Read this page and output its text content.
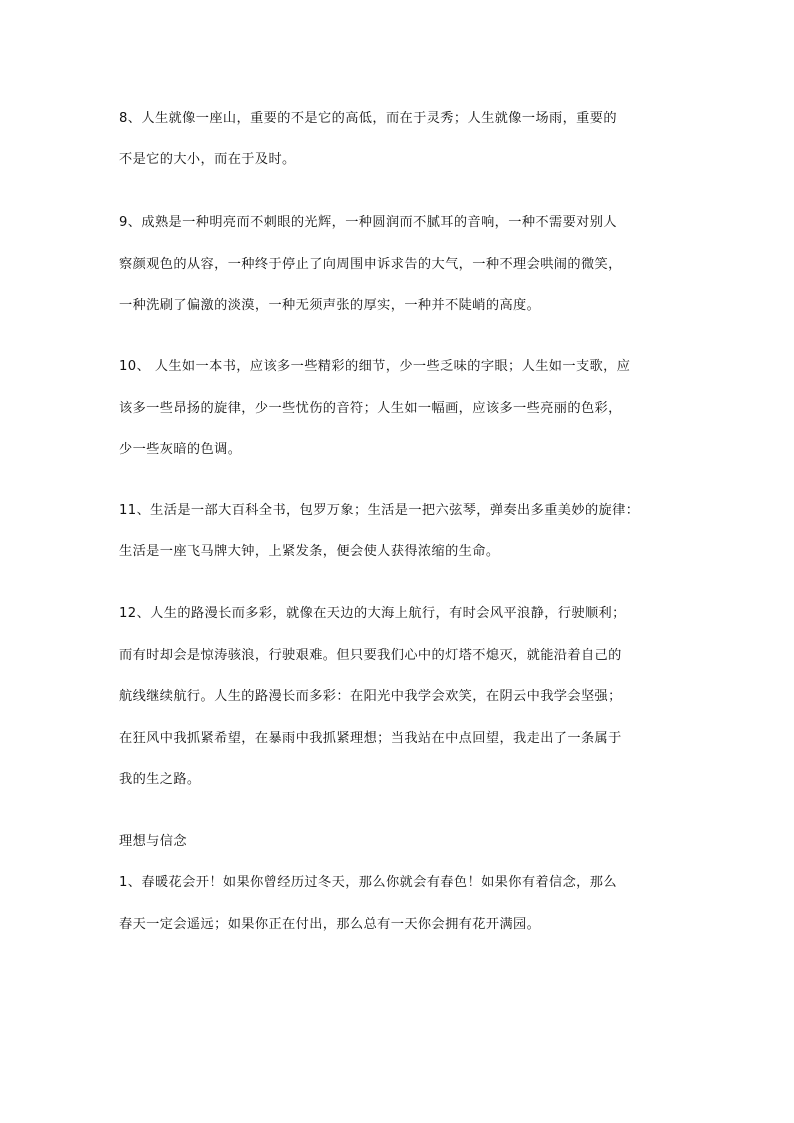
8、人生就像一座山，重要的不是它的高低，而在于灵秀；人生就像一场雨，重要的
不是它的大小，而在于及时。
9、成熟是一种明亮而不刺眼的光辉，一种圆润而不腻耳的音响，一种不需要对别人
察颜观色的从容，一种终于停止了向周围申诉求告的大气，一种不理会哄闹的微笑，
一种洗刷了偏激的淡漠，一种无须声张的厚实，一种并不陡峭的高度。
10、 人生如一本书，应该多一些精彩的细节，少一些乏味的字眼；人生如一支歌，应
该多一些昂扬的旋律，少一些忧伤的音符；人生如一幅画，应该多一些亮丽的色彩，
少一些灰暗的色调。
11、生活是一部大百科全书，包罗万象；生活是一把六弦琴，弹奏出多重美妙的旋律：
生活是一座飞马牌大钟，上紧发条，便会使人获得浓缩的生命。
12、人生的路漫长而多彩，就像在天边的大海上航行，有时会风平浪静，行驶顺利；
而有时却会是惊涛骇浪，行驶艰难。但只要我们心中的灯塔不熄灭，就能沿着自己的
航线继续航行。人生的路漫长而多彩：在阳光中我学会欢笑，在阴云中我学会坚强；
在狂风中我抓紧希望，在暴雨中我抓紧理想；当我站在中点回望，我走出了一条属于
我的生之路。
理想与信念
1、春暖花会开！如果你曾经历过冬天，那么你就会有春色！如果你有着信念，那么
春天一定会遥远；如果你正在付出，那么总有一天你会拥有花开满园。
